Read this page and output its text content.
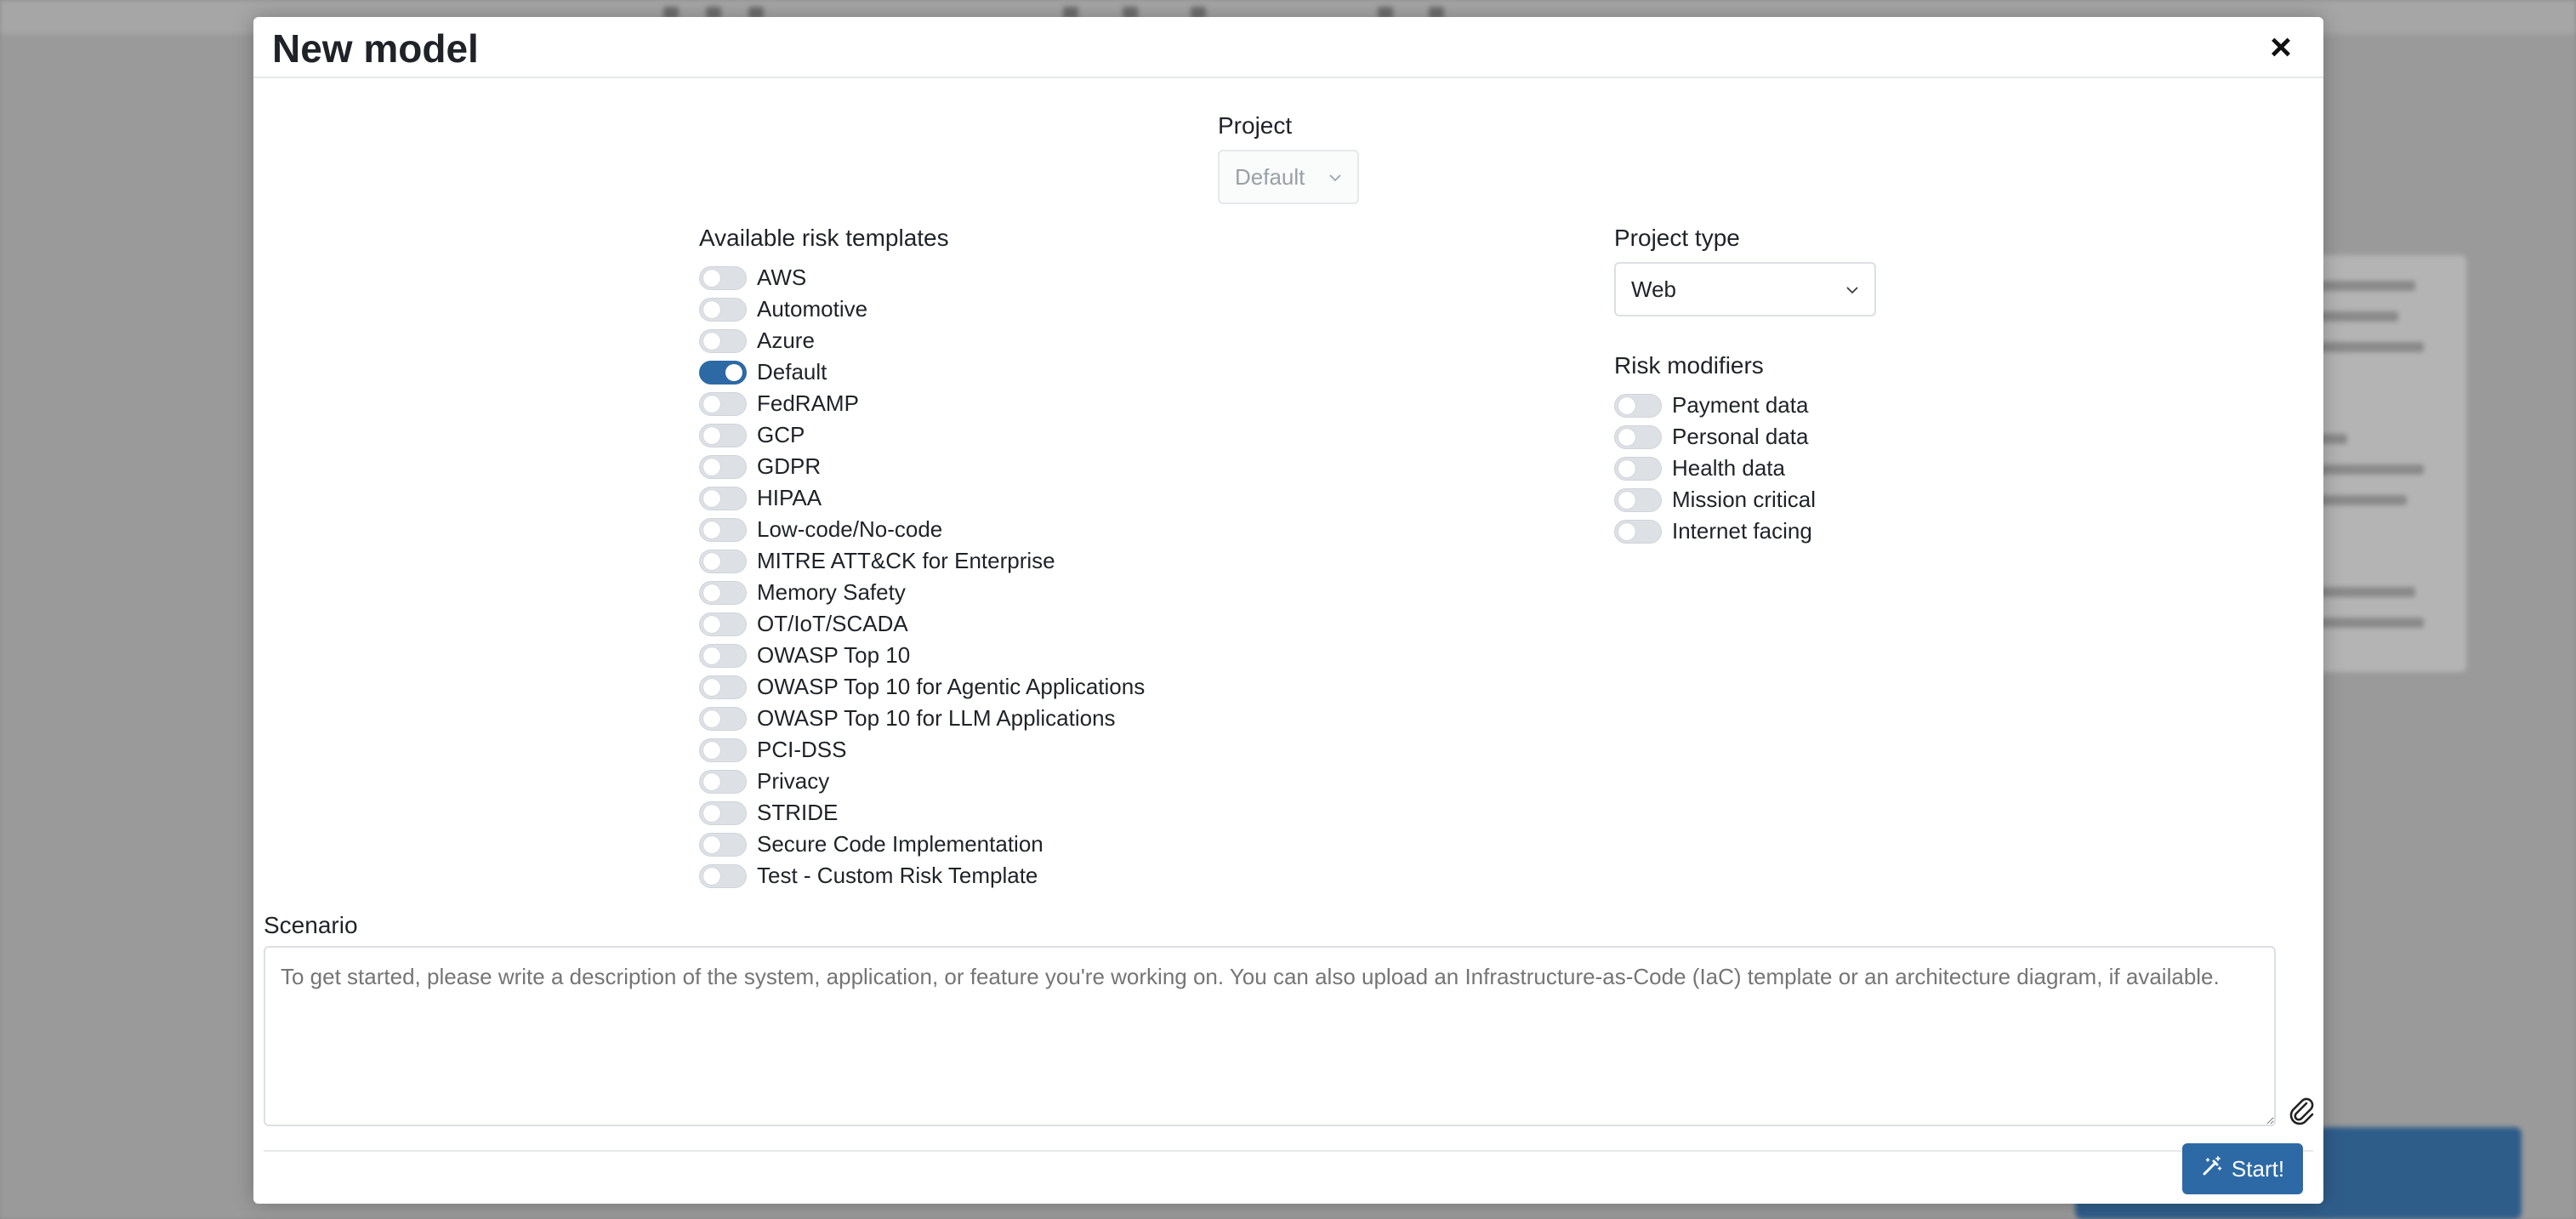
New model	×
Project
Default
Available risk templates
AWS
Automotive
Azure
Default
FedRAMP
GCP
GDPR
HIPAA
Low-code/No-code
MITRE ATT&CK for Enterprise
Memory Safety
OT/IoT/SCADA
OWASP Top 10
OWASP Top 10 for Agentic Applications
OWASP Top 10 for LLM Applications
PCI-DSS
Privacy
STRIDE
Secure Code Implementation
Test - Custom Risk Template
Project type
Web
Risk modifiers
Payment data
Personal data
Health data
Mission critical
Internet facing
Scenario
To get started, please write a description of the system, application, or feature you're working on. You can also upload an Infrastructure-as-Code (IaC) template or an architecture diagram, if available.
Start!
